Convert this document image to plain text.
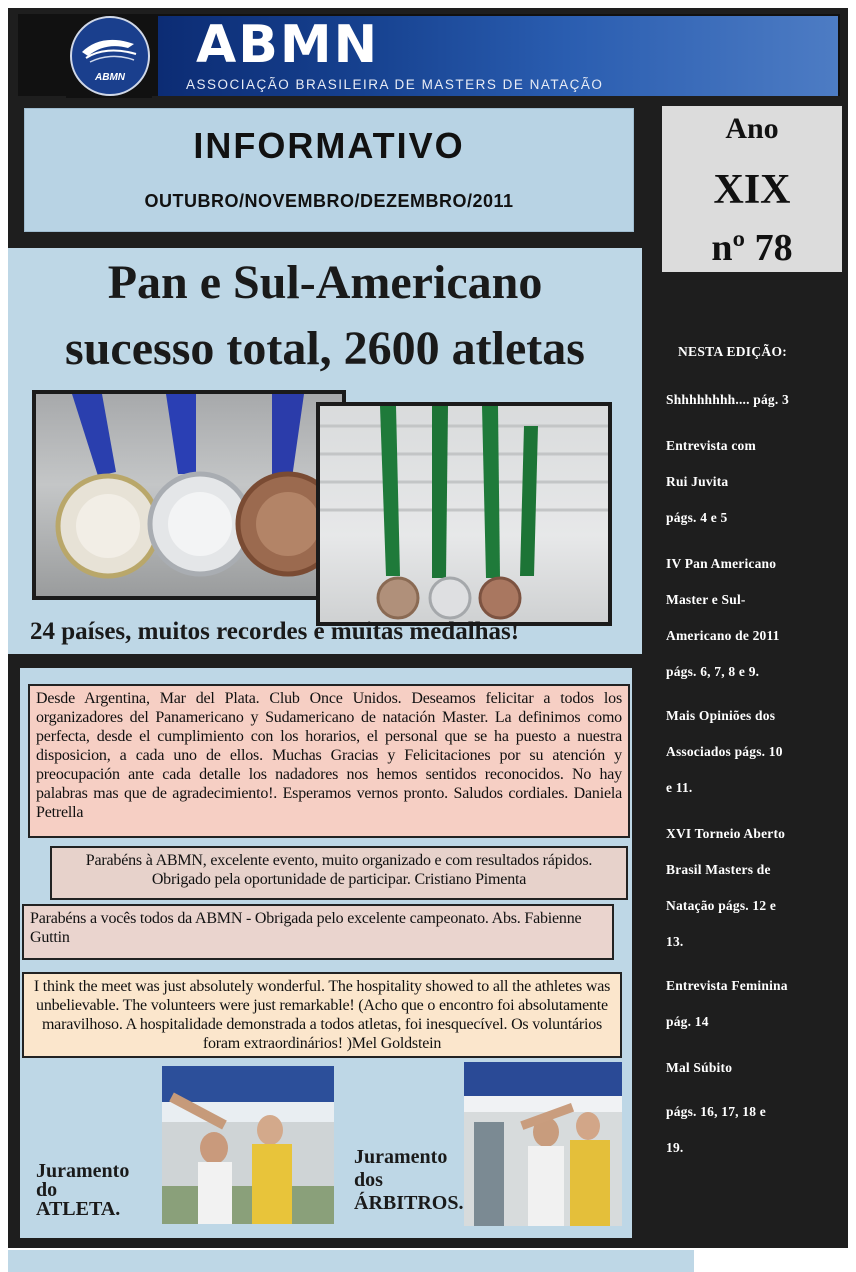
ABMN
ABMN
ASSOCIAÇÃO BRASILEIRA DE MASTERS DE NATAÇÃO
INFORMATIVO
OUTUBRO/NOVEMBRO/DEZEMBRO/2011
Ano
XIX
nº 78
Pan e Sul-Americano
sucesso total, 2600 atletas
24 países, muitos recordes e muitas medalhas!
Desde Argentina, Mar del Plata. Club Once Unidos. Deseamos felicitar a todos los organizadores del Panamericano y Sudamericano de natación Master. La definimos como perfecta, desde el cumplimiento con los horarios, el personal que se ha puesto a nuestra disposicion, a cada uno de ellos. Muchas Gracias y Felicitaciones por su atención y preocupación ante cada detalle los nadadores nos hemos sentidos reconocidos. No hay palabras mas que de agradecimiento!. Esperamos vernos pronto. Saludos cordiales. Daniela Petrella
Parabéns à ABMN, excelente evento, muito organizado e com resultados rápidos. Obrigado pela oportunidade de participar. Cristiano Pimenta
Parabéns a vocês todos da ABMN - Obrigada pelo excelente campeonato. Abs. Fabienne Guttin
I think the meet was just absolutely wonderful. The hospitality showed to all the athletes was unbelievable. The volunteers were just remarkable! (Acho que o encontro foi absolutamente maravilhoso. A hospitalidade demonstrada a todos atletas, foi inesquecível. Os voluntários foram extraordinários! )Mel Goldstein
Juramento
do
ATLETA.
Juramento
dos
ÁRBITROS.
NESTA EDIÇÃO:
Shhhhhhhh.... pág. 3
Entrevista com
Rui Juvita
págs. 4 e 5
IV Pan Americano
Master e Sul-
Americano de 2011
págs. 6, 7, 8 e 9.
Mais Opiniões dos
Associados págs. 10
e 11.
XVI Torneio Aberto
Brasil Masters de
Natação págs. 12 e
13.
Entrevista Feminina
pág. 14
Mal Súbito
págs. 16, 17, 18 e
19.
